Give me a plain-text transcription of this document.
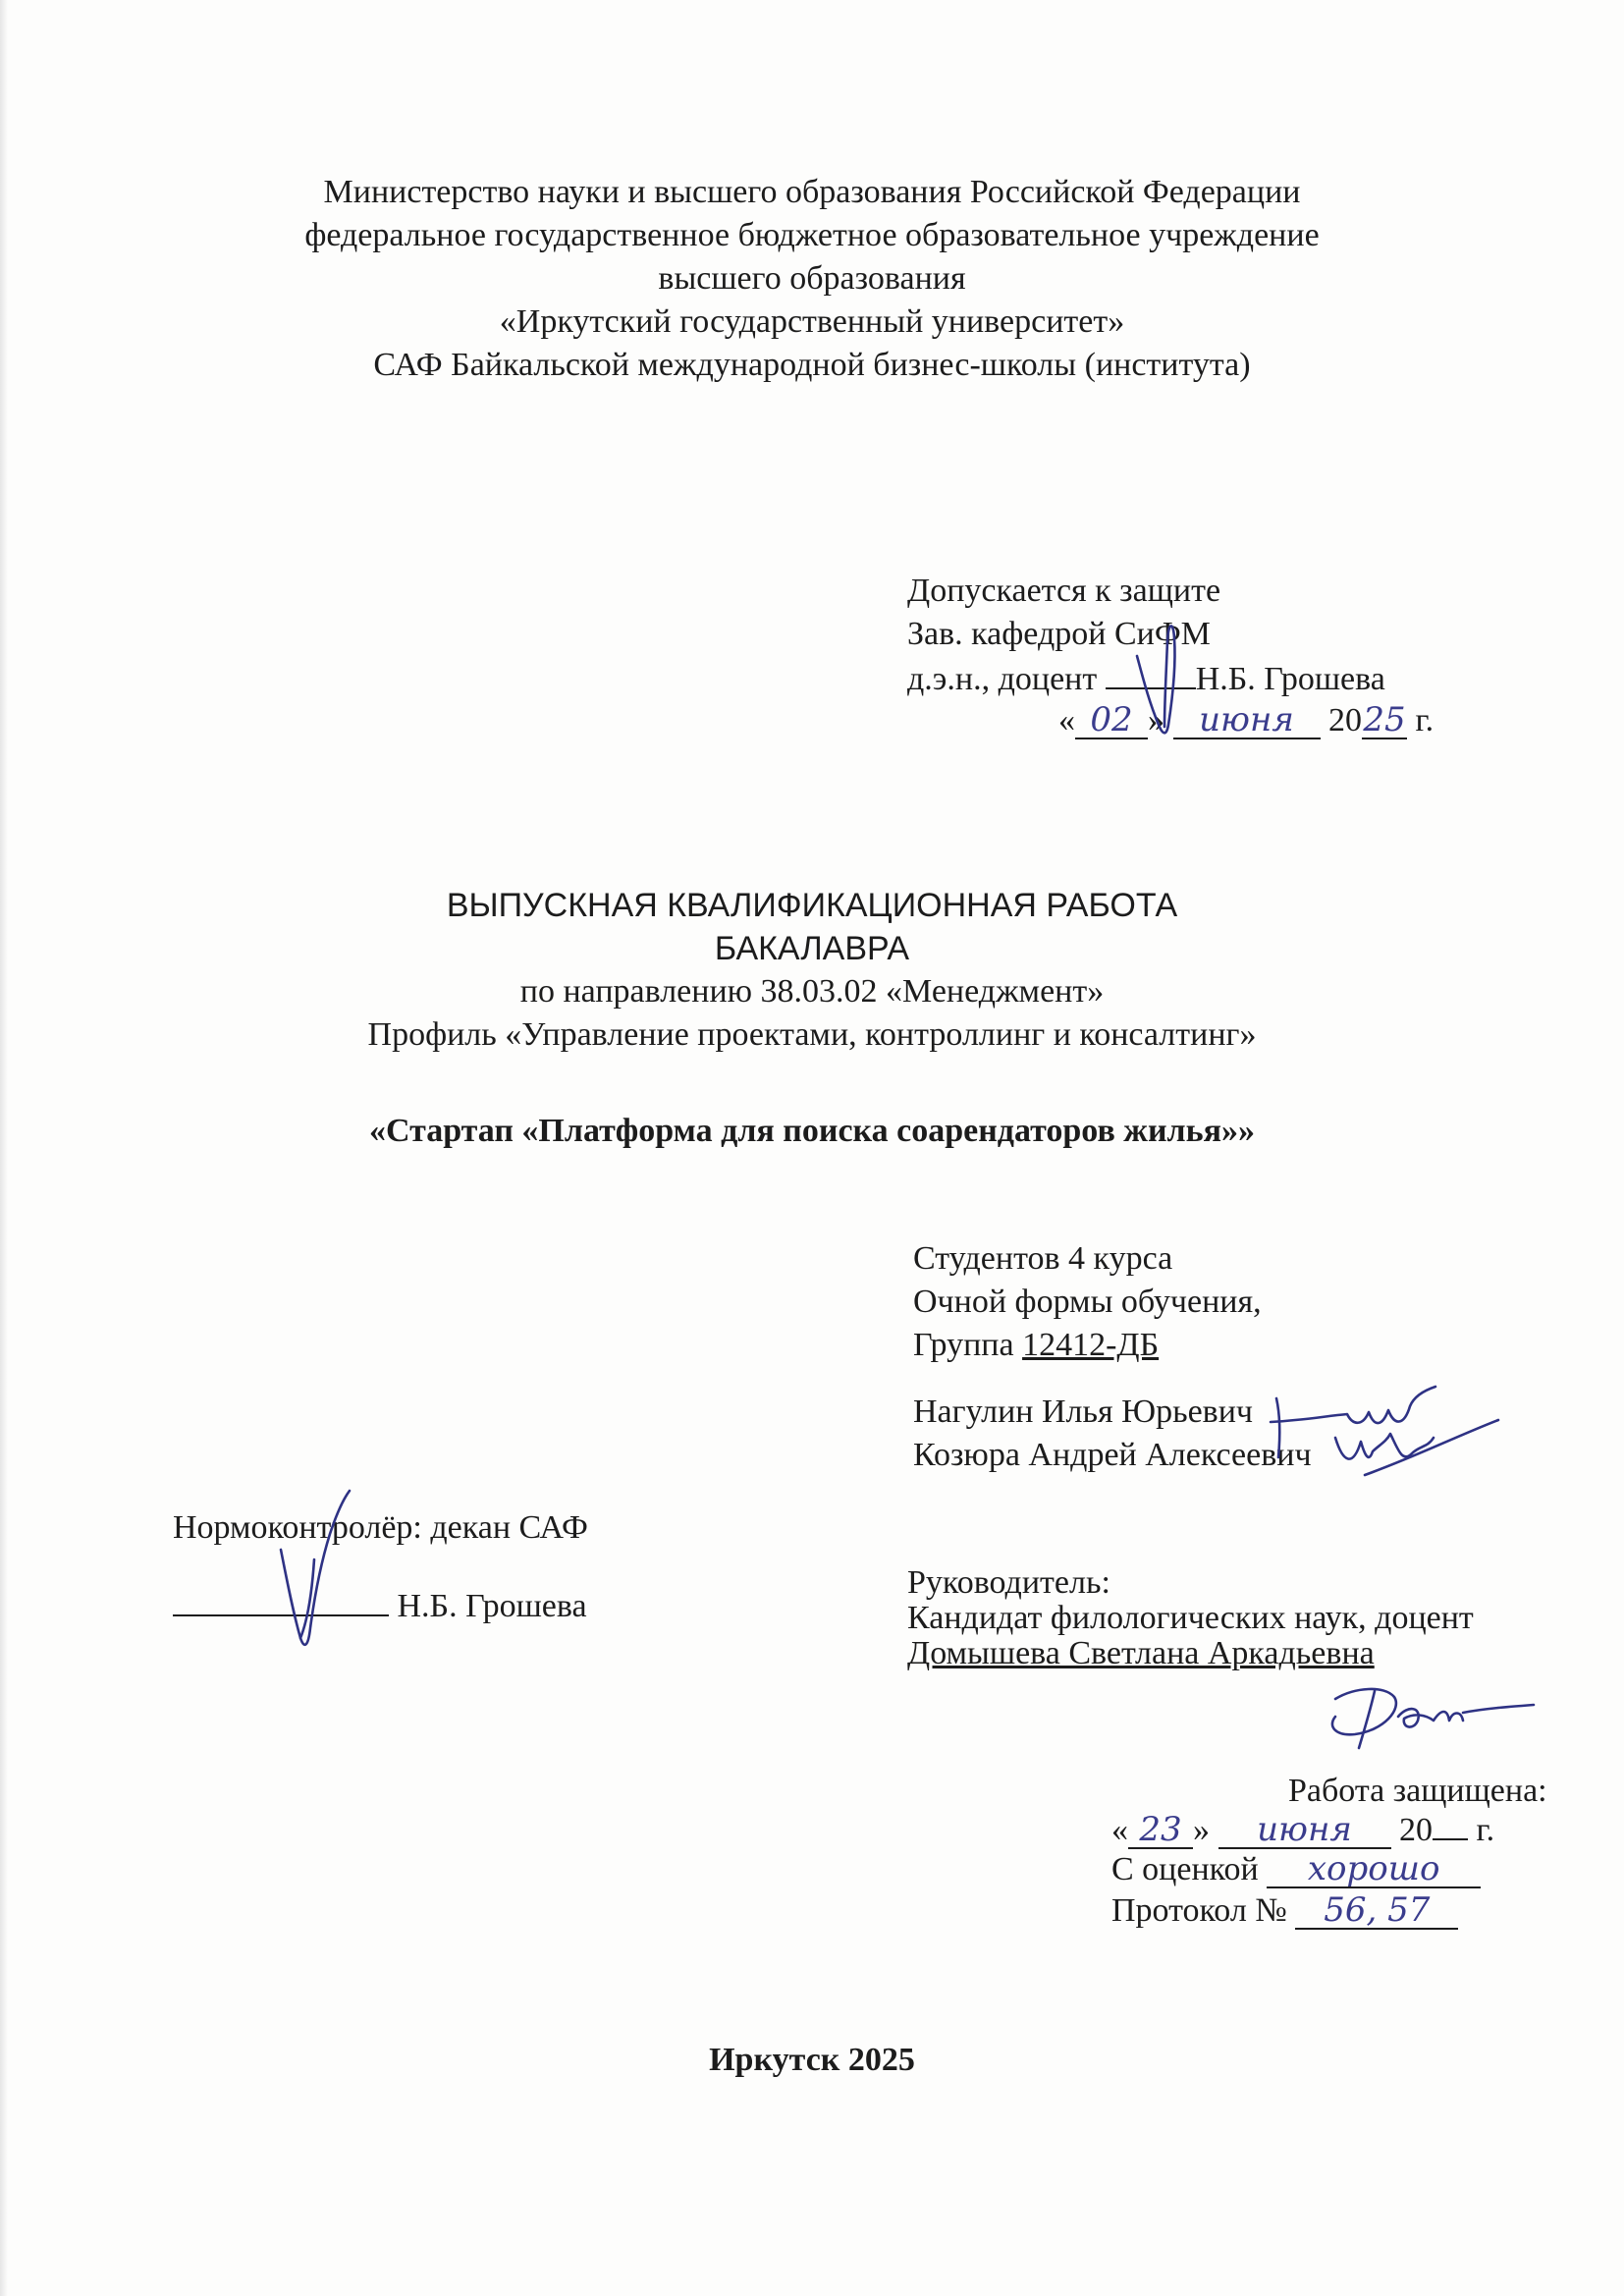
Министерство науки и высшего образования Российской Федерации
федеральное государственное бюджетное образовательное учреждение
высшего образования
«Иркутский государственный университет»
САФ Байкальской международной бизнес-школы (института)
Допускается к защите
Зав. кафедрой СиФМ
д.э.н., доцент	Н.Б. Грошева
« 02 » июня 2025 г.
ВЫПУСКНАЯ КВАЛИФИКАЦИОННАЯ РАБОТА
БАКАЛАВРА
по направлению 38.03.02 «Менеджмент»
Профиль «Управление проектами, контроллинг и консалтинг»
«Стартап «Платформа для поиска соарендаторов жилья»»
Студентов 4 курса
Очной формы обучения,
Группа 12412-ДБ
Нагулин Илья Юрьевич
Козюра Андрей Алексеевич
Нормоконтролёр: декан САФ
Н.Б. Грошева
Руководитель:
Кандидат филологических наук, доцент
Домышева Светлана Аркадьевна
Работа защищена:
« 23 » июня 20 г.
С оценкой хорошо
Протокол № 56, 57
Иркутск 2025
